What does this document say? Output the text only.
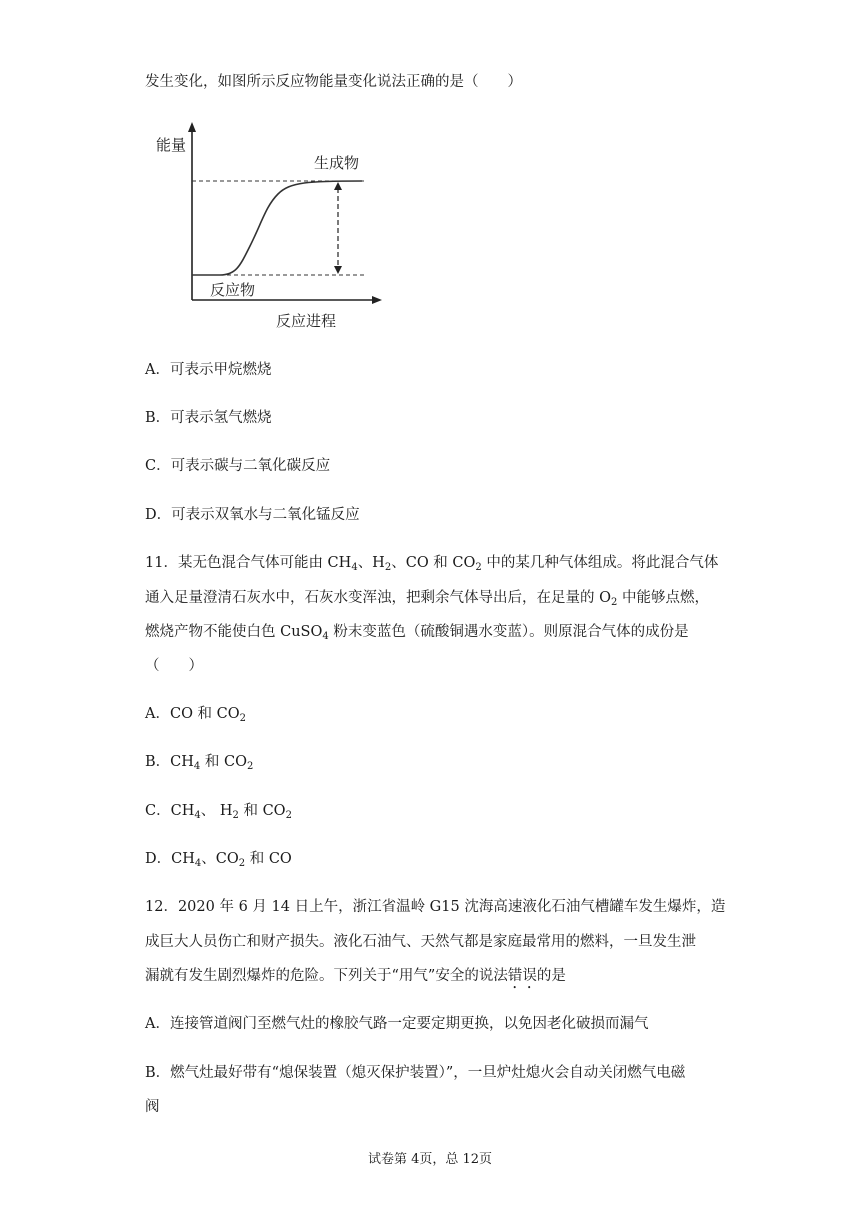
发生变化，如图所示反应物能量变化说法正确的是（　　）
能量
生成物
反应物
反应进程
A．可表示甲烷燃烧
B．可表示氢气燃烧
C．可表示碳与二氧化碳反应
D．可表示双氧水与二氧化锰反应
11．某无色混合气体可能由 $CH_4$、$H_2$、CO 和 $CO_2$ 中的某几种气体组成。将此混合气体
通入足量澄清石灰水中，石灰水变浑浊，把剩余气体导出后，在足量的 $O_2$ 中能够点燃，
燃烧产物不能使白色 CuSO$_4$ 粉末变蓝色（硫酸铜遇水变蓝）。则原混合气体的成份是
（　　）
A．CO 和 $CO_2$
B．$CH_4$ 和 $CO_2$
C．$CH_4$、 $H_2$ 和 $CO_2$
D．$CH_4$、$CO_2$ 和 CO
12．2020 年 6 月 14 日上午，浙江省温岭 G15 沈海高速液化石油气槽罐车发生爆炸，造
成巨大人员伤亡和财产损失。液化石油气、天然气都是家庭最常用的燃料，一旦发生泄
漏就有发生剧烈爆炸的危险。下列关于“用气”安全的说法错误的是
A．连接管道阀门至燃气灶的橡胶气路一定要定期更换，以免因老化破损而漏气
B．燃气灶最好带有“熄保装置（熄灭保护装置）”，一旦炉灶熄火会自动关闭燃气电磁
阀
试卷第 4页，总 12页
